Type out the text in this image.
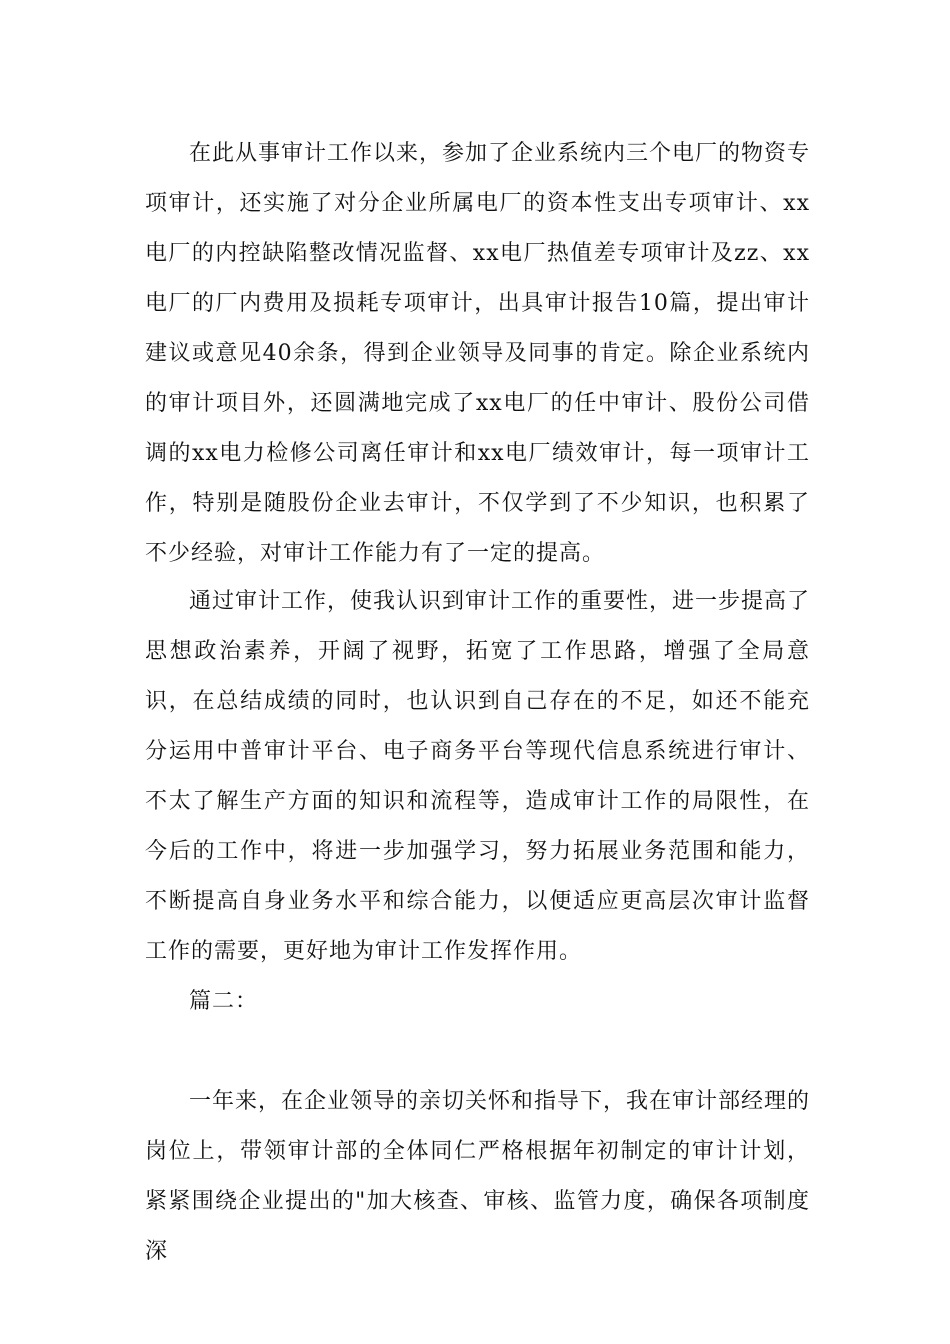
在此从事审计工作以来，参加了企业系统内三个电厂的物资专项审计，还实施了对分企业所属电厂的资本性支出专项审计、xx电厂的内控缺陷整改情况监督、xx电厂热值差专项审计及zz、xx电厂的厂内费用及损耗专项审计，出具审计报告10篇，提出审计建议或意见40余条，得到企业领导及同事的肯定。除企业系统内的审计项目外，还圆满地完成了xx电厂的任中审计、股份公司借调的xx电力检修公司离任审计和xx电厂绩效审计，每一项审计工作，特别是随股份企业去审计，不仅学到了不少知识，也积累了不少经验，对审计工作能力有了一定的提高。

通过审计工作，使我认识到审计工作的重要性，进一步提高了思想政治素养，开阔了视野，拓宽了工作思路，增强了全局意识，在总结成绩的同时，也认识到自己存在的不足，如还不能充分运用中普审计平台、电子商务平台等现代信息系统进行审计、不太了解生产方面的知识和流程等，造成审计工作的局限性，在今后的工作中，将进一步加强学习，努力拓展业务范围和能力，不断提高自身业务水平和综合能力，以便适应更高层次审计监督工作的需要，更好地为审计工作发挥作用。

篇二：

一年来，在企业领导的亲切关怀和指导下，我在审计部经理的岗位上，带领审计部的全体同仁严格根据年初制定的审计计划，紧紧围绕企业提出的"加大核查、审核、监管力度，确保各项制度深
